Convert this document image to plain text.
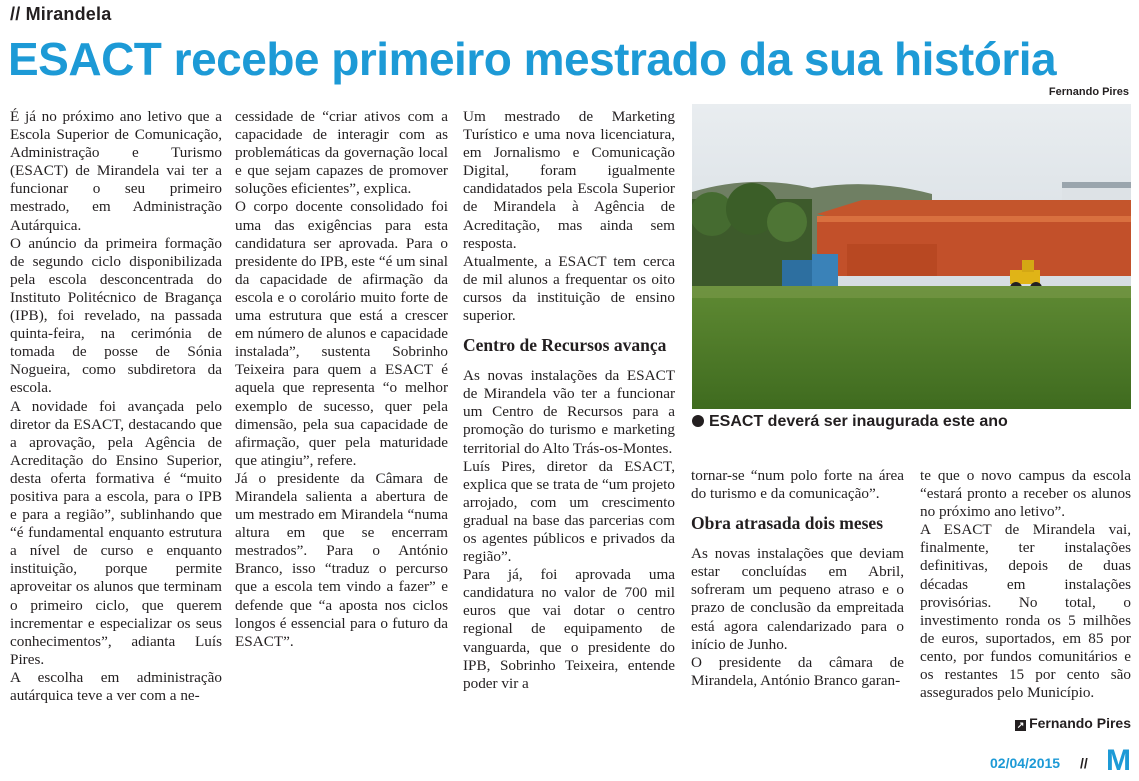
// Mirandela
ESACT recebe primeiro mestrado da sua história
Fernando Pires

É já no próximo ano letivo que a Escola Superior de Comunicação, Administração e Turismo (ESACT) de Mirandela vai ter a funcionar o seu primeiro mestrado, em Administração Autárquica.

O anúncio da primeira formação de segundo ciclo disponibilizada pela escola desconcentrada do Instituto Politécnico de Bragança (IPB), foi revelado, na passada quinta-feira, na cerimónia de tomada de posse de Sónia Nogueira, como subdiretora da escola.

A novidade foi avançada pelo diretor da ESACT, destacando que a aprovação, pela Agência de Acreditação do Ensino Superior, desta oferta formativa é “muito positiva para a escola, para o IPB e para a região”, sublinhando que “é fundamental enquanto estrutura a nível de curso e enquanto instituição, porque permite aproveitar os alunos que terminam o primeiro ciclo, que querem incrementar e especializar os seus conhecimentos”, adianta Luís Pires.

A escolha em administração autárquica teve a ver com a ne-

cessidade de “criar ativos com a capacidade de interagir com as problemáticas da governação local e que sejam capazes de promover soluções eficientes”, explica.

O corpo docente consolidado foi uma das exigências para esta candidatura ser aprovada. Para o presidente do IPB, este “é um sinal da capacidade de afirmação da escola e o corolário muito forte de uma estrutura que está a crescer em número de alunos e capacidade instalada”, sustenta Sobrinho Teixeira para quem a ESACT é aquela que representa “o melhor exemplo de sucesso, quer pela dimensão, pela sua capacidade de afirmação, quer pela maturidade que atingiu”, refere.

Já o presidente da Câmara de Mirandela salienta a abertura de um mestrado em Mirandela “numa altura em que se encerram mestrados”. Para o António Branco, isso “traduz o percurso que a escola tem vindo a fazer” e defende que “a aposta nos ciclos longos é essencial para o futuro da ESACT”.

Um mestrado de Marketing Turístico e uma nova licenciatura, em Jornalismo e Comunicação Digital, foram igualmente candidatados pela Escola Superior de Mirandela à Agência de Acreditação, mas ainda sem resposta.

Atualmente, a ESACT tem cerca de mil alunos a frequentar os oito cursos da instituição de ensino superior.

Centro de Recursos avança

As novas instalações da ESACT de Mirandela vão ter a funcionar um Centro de Recursos para a promoção do turismo e marketing territorial do Alto Trás-os-Montes.

Luís Pires, diretor da ESACT, explica que se trata de “um projeto arrojado, com um crescimento gradual na base das parcerias com os agentes públicos e privados da região”.

Para já, foi aprovada uma candidatura no valor de 700 mil euros que vai dotar o centro regional de equipamento de vanguarda, que o presidente do IPB, Sobrinho Teixeira, entende poder vir a

ESACT deverá ser inaugurada este ano

tornar-se “num polo forte na área do turismo e da comunicação”.

Obra atrasada dois meses

As novas instalações que deviam estar concluídas em Abril, sofreram um pequeno atraso e o prazo de conclusão da empreitada está agora calendarizado para o início de Junho.

O presidente da câmara de Mirandela, António Branco garan-

te que o novo campus da escola “estará pronto a receber os alunos no próximo ano letivo”.

A ESACT de Mirandela vai, finalmente, ter instalações definitivas, depois de duas décadas em instalações provisórias. No total, o investimento ronda os 5 milhões de euros, suportados, em 85 por cento, por fundos comunitários e os restantes 15 por cento são assegurados pelo Município.

↗ Fernando Pires
02/04/2015 // M
